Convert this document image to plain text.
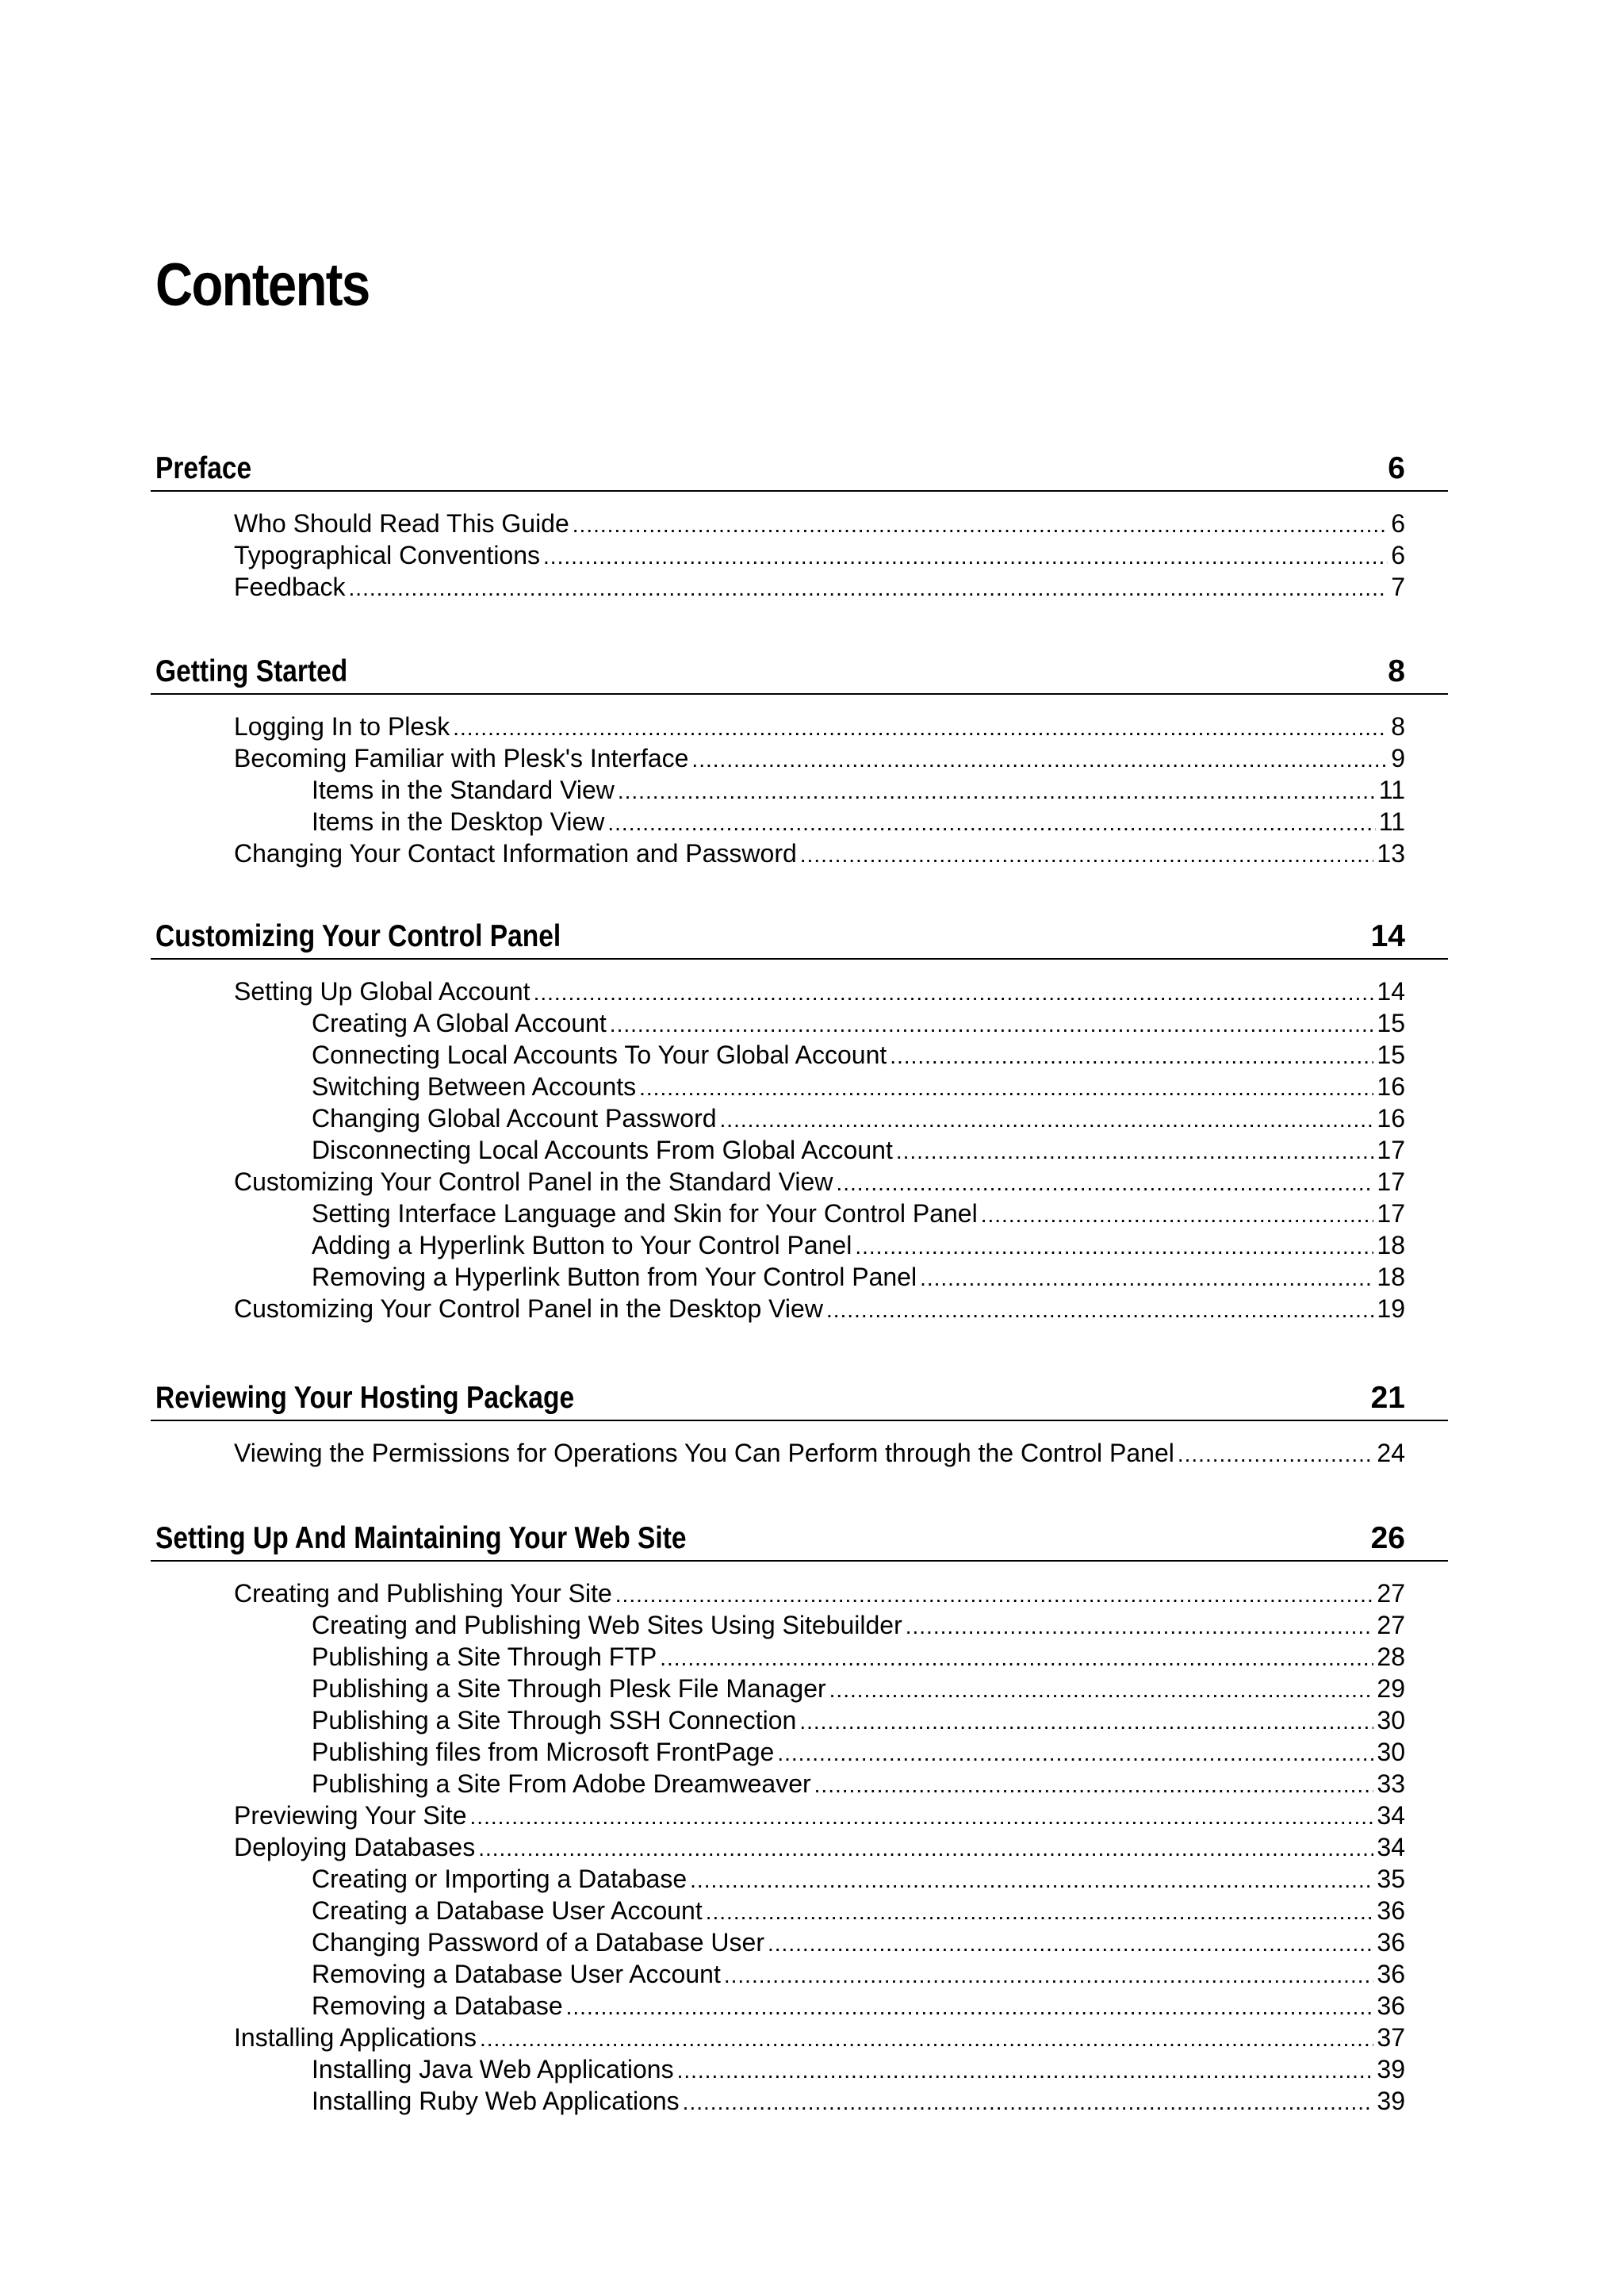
Contents
Preface	6
Who Should Read This Guide .....	6
Typographical Conventions .....	6
Feedback .....	7
Getting Started	8
Logging In to Plesk .....	8
Becoming Familiar with Plesk's Interface .....	9
Items in the Standard View .....	11
Items in the Desktop View .....	11
Changing Your Contact Information and Password .....	13
Customizing Your Control Panel	14
Setting Up Global Account .....	14
Creating A Global Account .....	15
Connecting Local Accounts To Your Global Account .....	15
Switching Between Accounts .....	16
Changing Global Account Password .....	16
Disconnecting Local Accounts From Global Account .....	17
Customizing Your Control Panel in the Standard View .....	17
Setting Interface Language and Skin for Your Control Panel .....	17
Adding a Hyperlink Button to Your Control Panel .....	18
Removing a Hyperlink Button from Your Control Panel .....	18
Customizing Your Control Panel in the Desktop View .....	19
Reviewing Your Hosting Package	21
Viewing the Permissions for Operations You Can Perform through the Control Panel .....	24
Setting Up And Maintaining Your Web Site	26
Creating and Publishing Your Site .....	27
Creating and Publishing Web Sites Using Sitebuilder .....	27
Publishing a Site Through FTP .....	28
Publishing a Site Through Plesk File Manager .....	29
Publishing a Site Through SSH Connection .....	30
Publishing files from Microsoft FrontPage .....	30
Publishing a Site From Adobe Dreamweaver .....	33
Previewing Your Site .....	34
Deploying Databases .....	34
Creating or Importing a Database .....	35
Creating a Database User Account .....	36
Changing Password of a Database User .....	36
Removing a Database User Account .....	36
Removing a Database .....	36
Installing Applications .....	37
Installing Java Web Applications .....	39
Installing Ruby Web Applications .....	39
